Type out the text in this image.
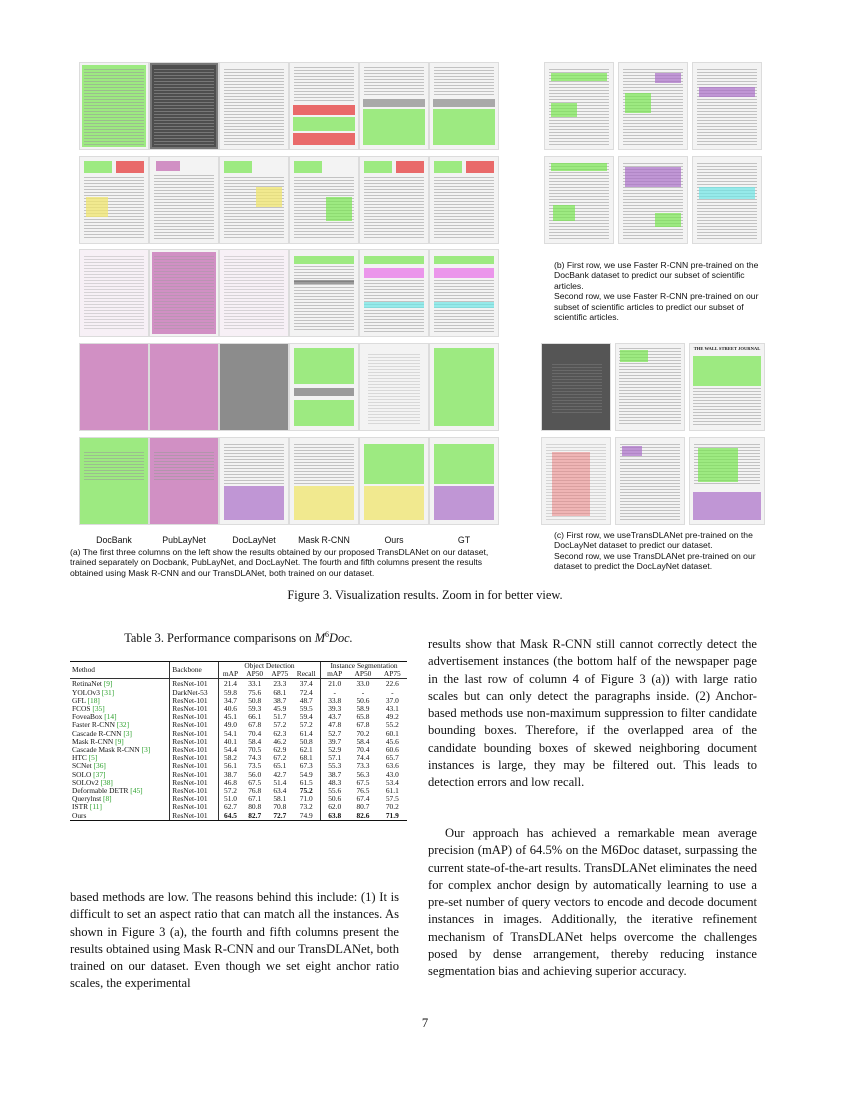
DocBank	PubLayNet	DocLayNet	Mask R-CNN	Ours	GT
(a) The first three columns on the left show the results obtained by our proposed TransDLANet on our dataset, trained separately on Docbank, PubLayNet, and DocLayNet. The fourth and fifth columns present the results obtained using Mask R-CNN and our TransDLANet, both trained on our dataset.
(b) First row, we use Faster R-CNN pre-trained on the DocBank dataset to predict our subset of scientific articles.
Second row, we use Faster R-CNN pre-trained on our subset of scientific articles to predict our subset of scientific articles.
THE WALL STREET JOURNAL
(c) First row, we useTransDLANet pre-trained on the DocLayNet dataset to predict our dataset.
Second row, we use TransDLANet pre-trained on our dataset to predict the DocLayNet dataset.
Figure 3. Visualization results. Zoom in for better view.
Table 3. Performance comparisons on $M^6Doc$.
Method	Backbone	Object Detection				Instance Segmentation		
		mAP	AP50	AP75	Recall	mAP	AP50	AP75
RetinaNet [9]	ResNet-101	21.4	33.1	23.3	37.4	21.0	33.0	22.6
YOLOv3 [31]	DarkNet-53	59.8	75.6	68.1	72.4	-	-	-
GFL [18]	ResNet-101	34.7	50.8	38.7	48.7	33.8	50.6	37.0
FCOS [35]	ResNet-101	40.6	59.3	45.9	59.5	39.3	58.9	43.1
FoveaBox [14]	ResNet-101	45.1	66.1	51.7	59.4	43.7	65.8	49.2
Faster R-CNN [32]	ResNet-101	49.0	67.8	57.2	57.2	47.8	67.8	55.2
Cascade R-CNN [3]	ResNet-101	54.1	70.4	62.3	61.4	52.7	70.2	60.1
Mask R-CNN [9]	ResNet-101	40.1	58.4	46.2	50.8	39.7	58.4	45.6
Cascade Mask R-CNN [3]	ResNet-101	54.4	70.5	62.9	62.1	52.9	70.4	60.6
HTC [5]	ResNet-101	58.2	74.3	67.2	68.1	57.1	74.4	65.7
SCNet [36]	ResNet-101	56.1	73.5	65.1	67.3	55.3	73.3	63.6
SOLO [37]	ResNet-101	38.7	56.0	42.7	54.9	38.7	56.3	43.0
SOLOv2 [38]	ResNet-101	46.8	67.5	51.4	61.5	48.3	67.5	53.4
Deformable DETR [45]	ResNet-101	57.2	76.8	63.4	75.2	55.6	76.5	61.1
Querylnst [8]	ResNet-101	51.0	67.1	58.1	71.0	50.6	67.4	57.5
ISTR [11]	ResNet-101	62.7	80.8	70.8	73.2	62.0	80.7	70.2
Ours	ResNet-101	64.5	82.7	72.7	74.9	63.8	82.6	71.9
based methods are low. The reasons behind this include: (1) It is difficult to set an aspect ratio that can match all the instances. As shown in Figure 3 (a), the fourth and fifth columns present the results obtained using Mask R-CNN and our TransDLANet, both trained on our dataset. Even though we set eight anchor ratio scales, the experimental
results show that Mask R-CNN still cannot correctly detect the advertisement instances (the bottom half of the newspaper page in the last row of column 4 of Figure 3 (a)) with large ratio scales but can only detect the paragraphs inside. (2) Anchor-based methods use non-maximum suppression to filter candidate bounding boxes. Therefore, if the overlapped area of the candidate bounding boxes of skewed neighboring document instances is large, they may be filtered out. This leads to detection errors and low recall.
Our approach has achieved a remarkable mean average precision (mAP) of 64.5% on the M6Doc dataset, surpassing the current state-of-the-art results. TransDLANet eliminates the need for complex anchor design by automatically learning to use a pre-set number of query vectors to encode and decode document instances in images. Additionally, the iterative refinement mechanism of TransDLANet helps overcome the challenges posed by dense arrangement, thereby reducing instance segmentation bias and achieving superior accuracy.
7
